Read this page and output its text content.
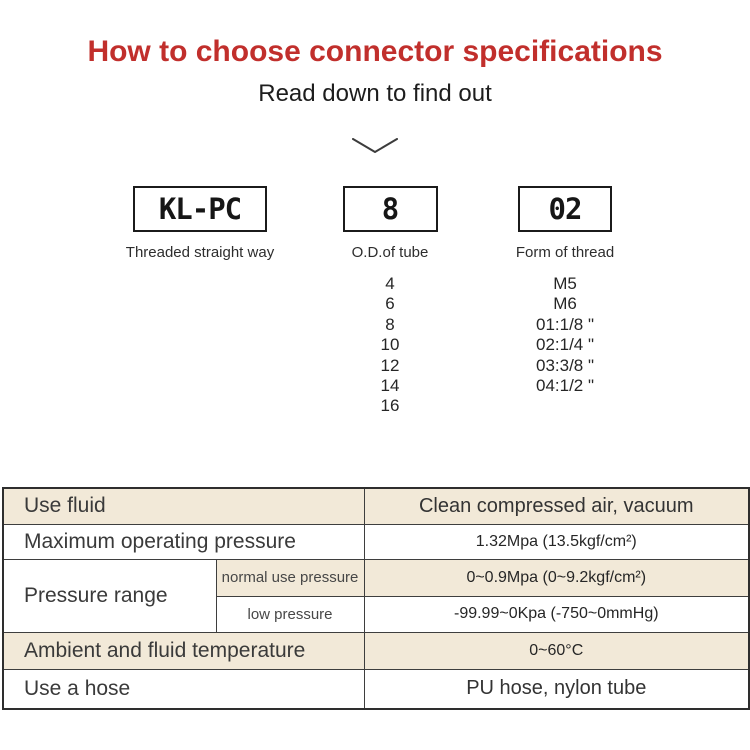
How to choose connector specifications
Read down to find out
KL-PC
Threaded straight way
8
O.D.of tube
4
6
8
10
12
14
16
02
Form of thread
M5
M6
01:1/8 "
02:1/4 "
03:3/8 "
04:1/2 "
Use fluid		Clean compressed air, vacuum
Maximum operating pressure		1.32Mpa (13.5kgf/cm²)
Pressure range	normal use pressure	0~0.9Mpa (0~9.2kgf/cm²)
	low pressure	-99.99~0Kpa (-750~0mmHg)
Ambient and fluid temperature		0~60°C
Use a hose		PU hose, nylon tube
